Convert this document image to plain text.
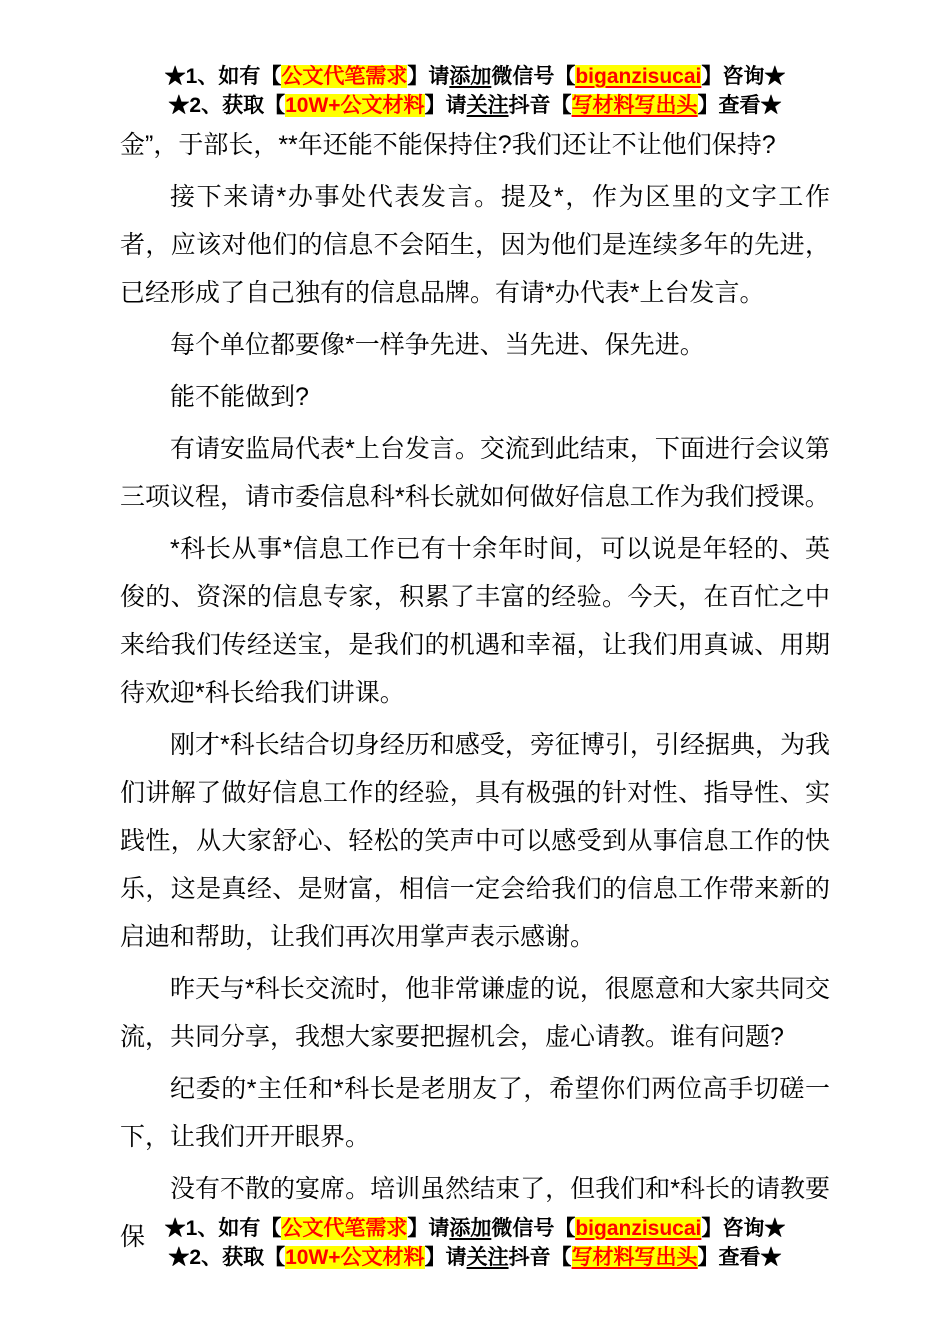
★1、如有【公文代笔需求】请添加微信号【biganzisucai】咨询★
★2、获取【10W+公文材料】请关注抖音【写材料写出头】查看★

金”，于部长，**年还能不能保持住?我们还让不让他们保持?

接下来请*办事处代表发言。提及*，作为区里的文字工作者，应该对他们的信息不会陌生，因为他们是连续多年的先进，已经形成了自己独有的信息品牌。有请*办代表*上台发言。

每个单位都要像*一样争先进、当先进、保先进。

能不能做到?

有请安监局代表*上台发言。交流到此结束，下面进行会议第三项议程，请市委信息科*科长就如何做好信息工作为我们授课。

*科长从事*信息工作已有十余年时间，可以说是年轻的、英俊的、资深的信息专家，积累了丰富的经验。今天，在百忙之中来给我们传经送宝，是我们的机遇和幸福，让我们用真诚、用期待欢迎*科长给我们讲课。

刚才*科长结合切身经历和感受，旁征博引，引经据典，为我们讲解了做好信息工作的经验，具有极强的针对性、指导性、实践性，从大家舒心、轻松的笑声中可以感受到从事信息工作的快乐，这是真经、是财富，相信一定会给我们的信息工作带来新的启迪和帮助，让我们再次用掌声表示感谢。

昨天与*科长交流时，他非常谦虚的说，很愿意和大家共同交流，共同分享，我想大家要把握机会，虚心请教。谁有问题?

纪委的*主任和*科长是老朋友了，希望你们两位高手切磋一下，让我们开开眼界。

没有不散的宴席。培训虽然结束了，但我们和*科长的请教要保 ★1、如有【公文代笔需求】请添加微信号【biganzisucai】咨询★
★2、获取【10W+公文材料】请关注抖音【写材料写出头】查看★
